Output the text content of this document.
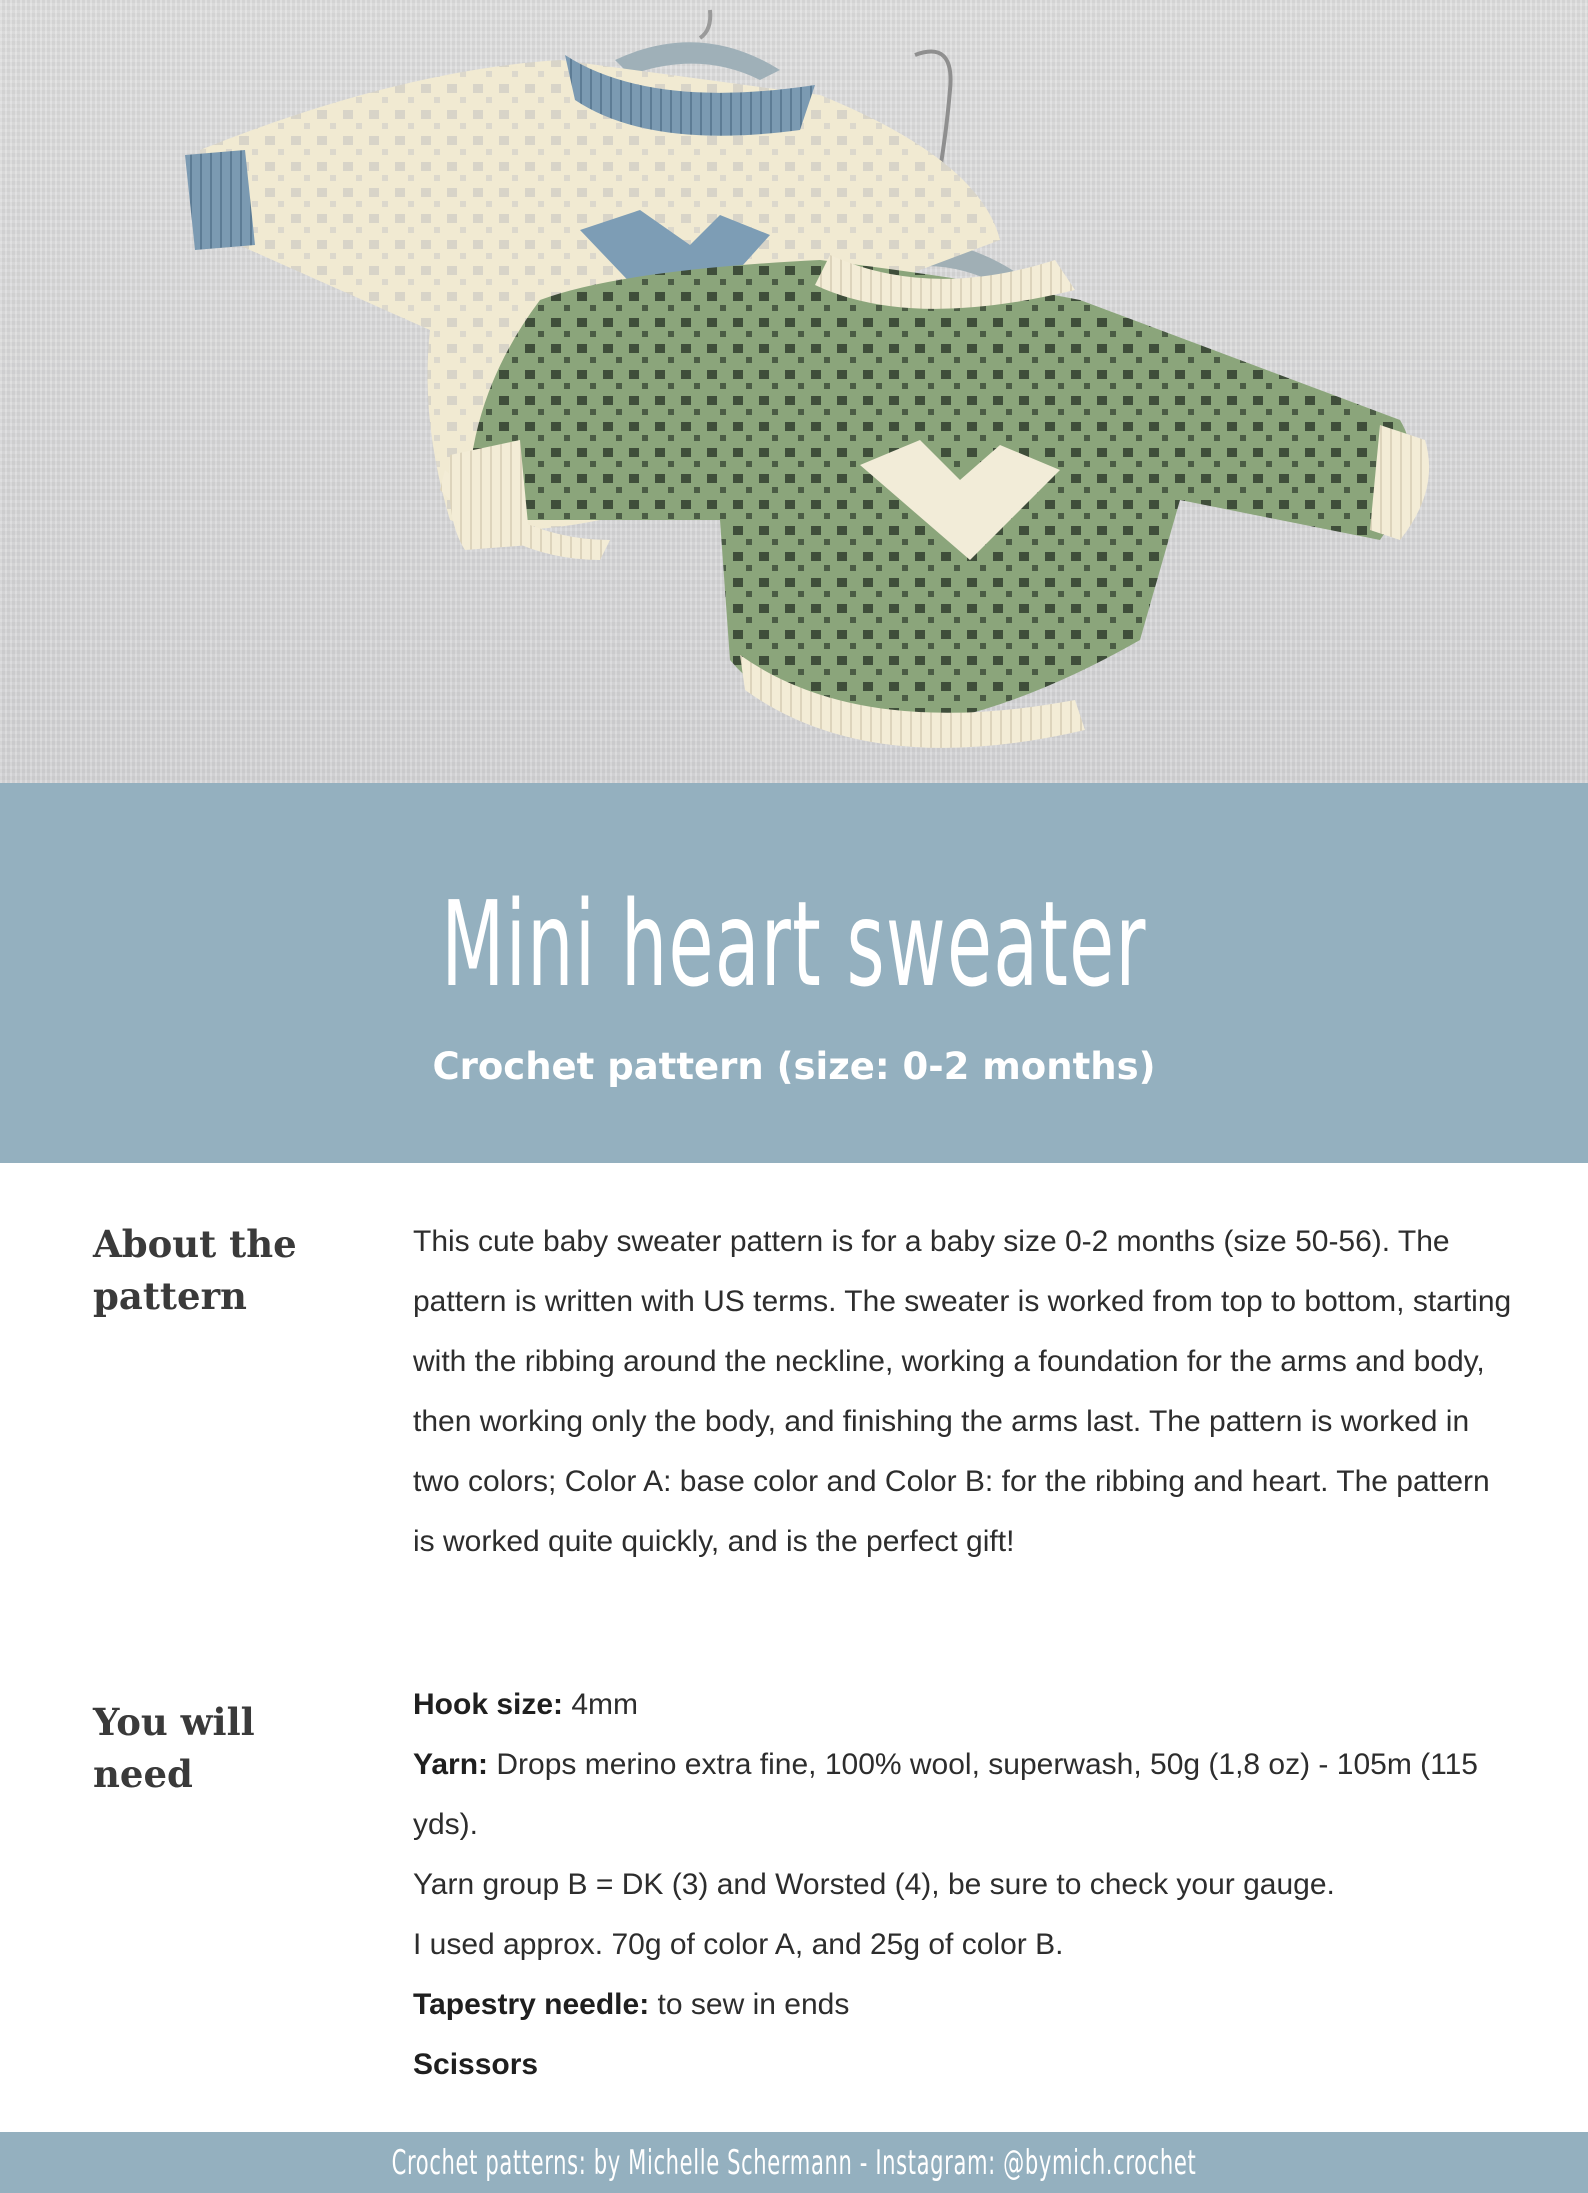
Mini heart sweater
Crochet pattern (size: 0-2 months)
About the pattern
This cute baby sweater pattern is for a baby size 0-2 months (size 50-56). The pattern is written with US terms. The sweater is worked from top to bottom, starting with the ribbing around the neckline, working a foundation for the arms and body, then working only the body, and finishing the arms last. The pattern is worked in two colors; Color A: base color and Color B: for the ribbing and heart. The pattern is worked quite quickly, and is the perfect gift!
You will need

Hook size: 4mm

Yarn: Drops merino extra fine, 100% wool, superwash, 50g (1,8 oz) - 105m (115 yds).

Yarn group B = DK (3) and Worsted (4), be sure to check your gauge.

I used approx. 70g of color A, and 25g of color B.

Tapestry needle: to sew in ends

Scissors

Crochet patterns: by Michelle Schermann - Instagram: @bymich.crochet
